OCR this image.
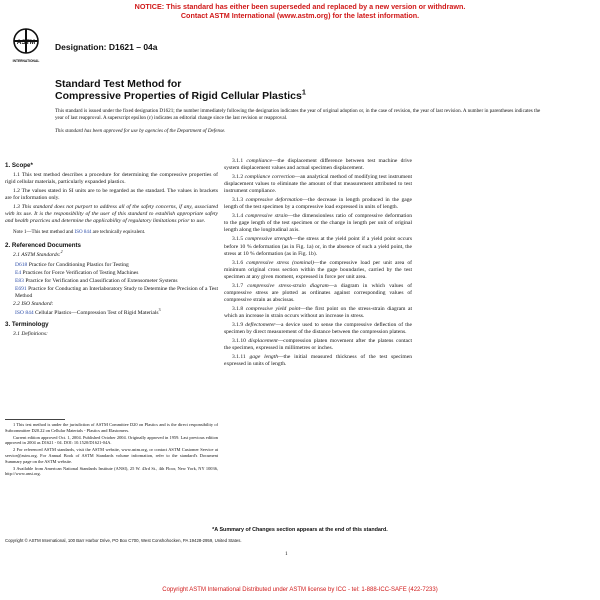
NOTICE: This standard has either been superseded and replaced by a new version or withdrawn.
Contact ASTM International (www.astm.org) for the latest information.
ASTM
INTERNATIONAL
Designation: D1621 – 04a
Standard Test Method for
Compressive Properties of Rigid Cellular Plastics$^1$
This standard is issued under the fixed designation D1621; the number immediately following the designation indicates the year of original adoption or, in the case of revision, the year of last revision. A number in parentheses indicates the year of last reapproval. A superscript epsilon (ε) indicates an editorial change since the last revision or reapproval.
This standard has been approved for use by agencies of the Department of Defense.
1. Scope*

1.1 This test method describes a procedure for determining the compressive properties of rigid cellular materials, particularly expanded plastics.

1.2 The values stated in SI units are to be regarded as the standard. The values in brackets are for information only.

1.3 This standard does not purport to address all of the safety concerns, if any, associated with its use. It is the responsibility of the user of this standard to establish appropriate safety and health practices and determine the applicability of regulatory limitations prior to use.

Note 1—This test method and ISO 844 are technically equivalent.
2. Referenced Documents

2.1 ASTM Standards:$^2$

D618 Practice for Conditioning Plastics for Testing

E4 Practices for Force Verification of Testing Machines

E83 Practice for Verification and Classification of Extensometer Systems

E691 Practice for Conducting an Interlaboratory Study to Determine the Precision of a Test Method

2.2 ISO Standard:

ISO 844 Cellular Plastics—Compression Test of Rigid Materials$^3$

3. Terminology

3.1 Definitions:

1 This test method is under the jurisdiction of ASTM Committee D20 on Plastics and is the direct responsibility of Subcommittee D20.22 on Cellular Materials - Plastics and Elastomers.

Current edition approved Oct. 1, 2004. Published October 2004. Originally approved in 1959. Last previous edition approved in 2004 as D1621 - 04. DOI: 10.1520/D1621-04A.

2 For referenced ASTM standards, visit the ASTM website, www.astm.org, or contact ASTM Customer Service at service@astm.org. For Annual Book of ASTM Standards volume information, refer to the standard's Document Summary page on the ASTM website.

3 Available from American National Standards Institute (ANSI), 25 W. 43rd St., 4th Floor, New York, NY 10036, http://www.ansi.org.

3.1.1 compliance—the displacement difference between test machine drive system displacement values and actual specimen displacement.

3.1.2 compliance correction—an analytical method of modifying test instrument displacement values to eliminate the amount of that measurement attributed to test instrument compliance.

3.1.3 compressive deformation—the decrease in length produced in the gage length of the test specimen by a compressive load expressed in units of length.

3.1.4 compressive strain—the dimensionless ratio of compressive deformation to the gage length of the test specimen or the change in length per unit of original length along the longitudinal axis.

3.1.5 compressive strength—the stress at the yield point if a yield point occurs before 10 % deformation (as in Fig. 1a) or, in the absence of such a yield point, the stress at 10 % deformation (as in Fig. 1b).

3.1.6 compressive stress (nominal)—the compressive load per unit area of minimum original cross section within the gage boundaries, carried by the test specimen at any given moment, expressed in force per unit area.

3.1.7 compressive stress-strain diagram—a diagram in which values of compressive stress are plotted as ordinates against corresponding values of compressive strain as abscissas.

3.1.8 compressive yield point—the first point on the stress-strain diagram at which an increase in strain occurs without an increase in stress.

3.1.9 deflectometer—a device used to sense the compressive deflection of the specimen by direct measurement of the distance between the compression platens.

3.1.10 displacement—compression platen movement after the platens contact the specimen, expressed in millimetres or inches.

3.1.11 gage length—the initial measured thickness of the test specimen expressed in units of length.

*A Summary of Changes section appears at the end of this standard.
Copyright © ASTM International, 100 Barr Harbor Drive, PO Box C700, West Conshohocken, PA 19428-2959, United States.
1
Copyright ASTM International Distributed under ASTM license by ICC - tel: 1-888-ICC-SAFE (422-7233)
